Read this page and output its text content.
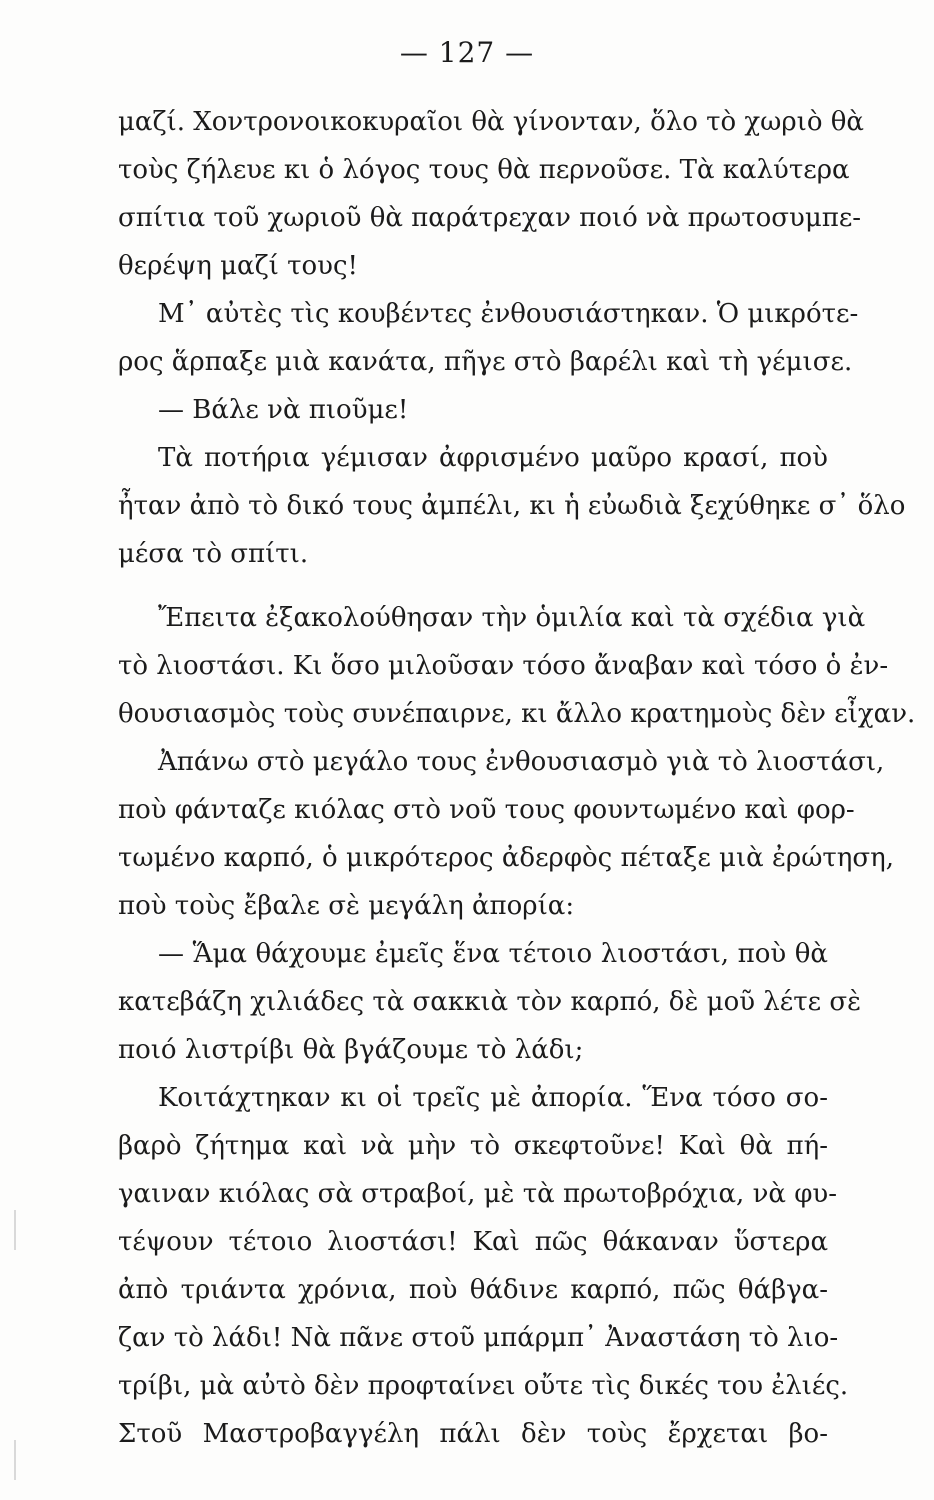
— 127 —
μαζί. Χοντρονοικοκυραῖοι θὰ γίνονταν, ὅλο τὸ χωριὸ θὰ
τοὺς ζήλευε κι ὁ λόγος τους θὰ περνοῦσε. Τὰ καλύτερα
σπίτια τοῦ χωριοῦ θὰ παράτρεχαν ποιό νὰ πρωτοσυμπε-
θερέψη μαζί τους!
Μ᾽ αὐτὲς τὶς κουβέντες ἐνθουσιάστηκαν. Ὁ μικρότε-
ρος ἅρπαξε μιὰ κανάτα, πῆγε στὸ βαρέλι καὶ τὴ γέμισε.
— Βάλε νὰ πιοῦμε!
Τὰ ποτήρια γέμισαν ἀφρισμένο μαῦρο κρασί, ποὺ
ἦταν ἀπὸ τὸ δικό τους ἀμπέλι, κι ἡ εὐωδιὰ ξεχύθηκε σ᾽ ὅλο
μέσα τὸ σπίτι.
Ἔπειτα ἐξακολούθησαν τὴν ὁμιλία καὶ τὰ σχέδια γιὰ
τὸ λιοστάσι. Κι ὅσο μιλοῦσαν τόσο ἄναβαν καὶ τόσο ὁ ἐν-
θουσιασμὸς τοὺς συνέπαιρνε, κι ἄλλο κρατημοὺς δὲν εἶχαν.
Ἀπάνω στὸ μεγάλο τους ἐνθουσιασμὸ γιὰ τὸ λιοστάσι,
ποὺ φάνταζε κιόλας στὸ νοῦ τους φουντωμένο καὶ φορ-
τωμένο καρπό, ὁ μικρότερος ἀδερφὸς πέταξε μιὰ ἐρώτηση,
ποὺ τοὺς ἔβαλε σὲ μεγάλη ἀπορία:
— Ἅμα θάχουμε ἐμεῖς ἕνα τέτοιο λιοστάσι, ποὺ θὰ
κατεβάζη χιλιάδες τὰ σακκιὰ τὸν καρπό, δὲ μοῦ λέτε σὲ
ποιό λιστρίβι θὰ βγάζουμε τὸ λάδι;
Κοιτάχτηκαν κι οἱ τρεῖς μὲ ἀπορία. Ἕνα τόσο σο-
βαρὸ ζήτημα καὶ νὰ μὴν τὸ σκεφτοῦνε! Καὶ θὰ πή-
γαιναν κιόλας σὰ στραβοί, μὲ τὰ πρωτοβρόχια, νὰ φυ-
τέψουν τέτοιο λιοστάσι! Καὶ πῶς θάκαναν ὕστερα
ἀπὸ τριάντα χρόνια, ποὺ θάδινε καρπό, πῶς θάβγα-
ζαν τὸ λάδι! Νὰ πᾶνε στοῦ μπάρμπ᾽ Ἀναστάση τὸ λιο-
τρίβι, μὰ αὐτὸ δὲν προφταίνει οὔτε τὶς δικές του ἐλιές.
Στοῦ Μαστροβαγγέλη πάλι δὲν τοὺς ἔρχεται βο-
